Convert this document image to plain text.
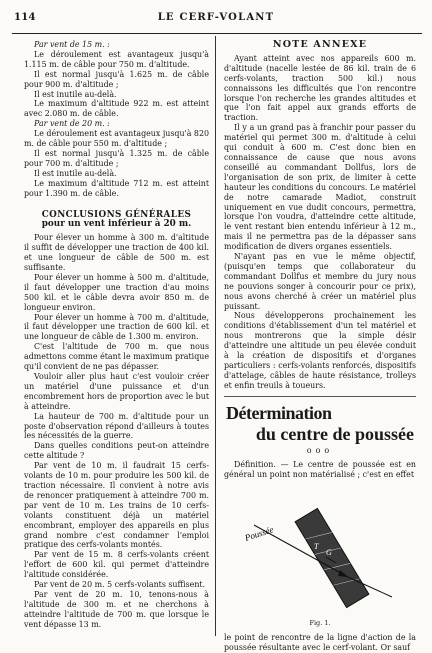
114	LE CERF-VOLANT

Par vent de 15 m. :

Le déroulement est avantageux jusqu'à 1.115 m. de câble pour 750 m. d'altitude.

Il est normal jusqu'à 1.625 m. de câble pour 900 m. d'altitude ;

Il est inutile au-delà.

Le maximum d'altitude 922 m. est atteint avec 2.080 m. de câble.

Par vent de 20 m. :

Le déroulement est avantageux jusqu'à 820 m. de câble pour 550 m. d'altitude ;

Il est normal jusqu'à 1.325 m. de câble pour 700 m. d'altitude ;

Il est inutile au-delà.

Le maximum d'altitude 712 m. est atteint pour 1.390 m. de câble.

CONCLUSIONS GÉNÉRALES
pour un vent inférieur à 20 m.

Pour élever un homme à 300 m. d'altitude il suffit de développer une traction de 400 kil. et une longueur de câble de 500 m. est suffisante.

Pour élever un homme à 500 m. d'altitude, il faut développer une traction d'au moins 500 kil. et le câble devra avoir 850 m. de longueur environ.

Pour élever un homme à 700 m. d'altitude, il faut développer une traction de 600 kil. et une longueur de câble de 1.300 m. environ.

C'est l'altitude de 700 m. que nous admettons comme étant le maximum pratique qu'il convient de ne pas dépasser.

Vouloir aller plus haut c'est vouloir créer un matériel d'une puissance et d'un encombrement hors de proportion avec le but à atteindre.

La hauteur de 700 m. d'altitude pour un poste d'observation répond d'ailleurs à toutes les nécessités de la guerre.

Dans quelles conditions peut-on atteindre cette altitude ?

Par vent de 10 m. il faudrait 15 cerfs-volants de 10 m. pour produire les 500 kil. de traction nécessaire. Il convient à notre avis de renoncer pratiquement à atteindre 700 m. par vent de 10 m. Les trains de 10 cerfs-volants constituent déjà un matériel encombrant, employer des appareils en plus grand nombre c'est condamner l'emploi pratique des cerfs-volants montés.

Par vent de 15 m. 8 cerfs-volants créent l'effort de 600 kil. qui permet d'atteindre l'altitude considérée.

Par vent de 20 m. 5 cerfs-volants suffisent.

Par vent de 20 m. 10, tenons-nous à l'altitude de 300 m. et ne cherchons à atteindre l'altitude de 700 m. que lorsque le vent dépasse 13 m.

NOTE ANNEXE

Ayant atteint avec nos appareils 600 m. d'altitude (nacelle lestée de 86 kil. train de 6 cerfs-volants, traction 500 kil.) nous connaissons les difficultés que l'on rencontre lorsque l'on recherche les grandes altitudes et que l'on fait appel aux grands efforts de traction.

Il y a un grand pas à franchir pour passer du matériel qui permet 300 m. d'altitude à celui qui conduit à 600 m. C'est donc bien en connaissance de cause que nous avons conseillé au commandant Dollfus, lors de l'organisation de son prix, de limiter à cette hauteur les conditions du concours. Le matériel de notre camarade Madiot, construit uniquement en vue dudit concours, permettra, lorsque l'on voudra, d'atteindre cette altitude, le vent restant bien entendu inférieur à 12 m., mais il ne permettra pas de la dépasser sans modification de divers organes essentiels.

N'ayant pas en vue le même objectif, (puisqu'en temps que collaborateur du commandant Dollfus et membre du jury nous ne pouvions songer à concourir pour ce prix), nous avons cherché à créer un matériel plus puissant.

Nous développerons prochainement les conditions d'établissement d'un tel matériel et nous montrerons que la simple désir d'atteindre une altitude un peu élevée conduit à la création de dispositifs et d'organes particuliers : cerfs-volants renforcés, dispositifs d'attelage, câbles de haute résistance, trolleys et enfin treuils à toueurs.

Détermination
du centre de poussée
ooo

Définition. — Le centre de poussée est en général un point non matérialisé ; c'est en effet

Poussée
T
G
Fig. 1.

le point de rencontre de la ligne d'action de la poussée résultante avec le cerf-volant. Or sauf
